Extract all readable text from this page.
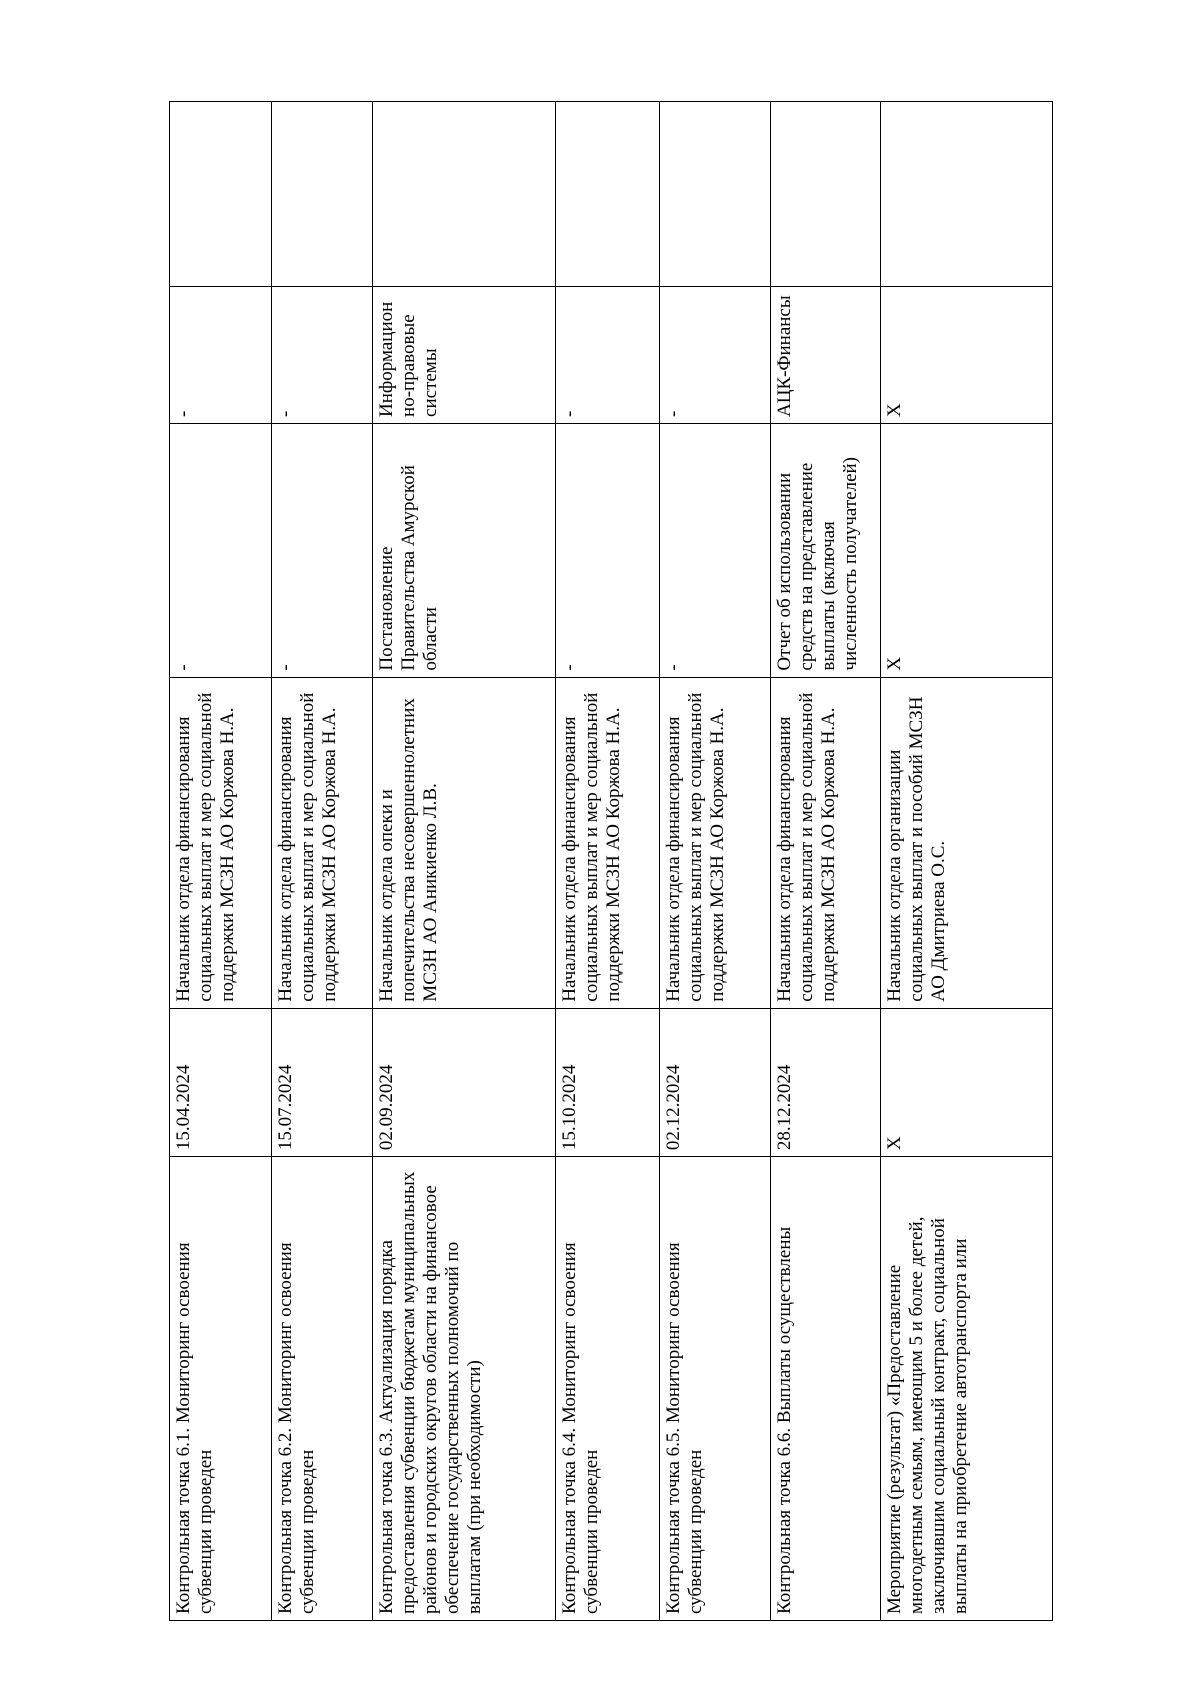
Контрольная точка 6.1. Мониторинг освоения субвенции проведен	15.04.2024	Начальник отдела финансирования социальных выплат и мер социальной поддержки МСЗН АО Коржова Н.А.	-	-	
Контрольная точка 6.2. Мониторинг освоения субвенции проведен	15.07.2024	Начальник отдела финансирования социальных выплат и мер социальной поддержки МСЗН АО Коржова Н.А.	-	-	
Контрольная точка 6.3. Актуализация порядка предоставления субвенции бюджетам муниципальных районов и городских округов области на финансовое обеспечение государственных полномочий по выплатам (при необходимости)	02.09.2024	Начальник отдела опеки и попечительства несовершеннолетних МСЗН АО Аникиенко Л.В.	Постановление Правительства Амурской области	Информационно-правовые системы	
Контрольная точка 6.4. Мониторинг освоения субвенции проведен	15.10.2024	Начальник отдела финансирования социальных выплат и мер социальной поддержки МСЗН АО Коржова Н.А.	-	-	
Контрольная точка 6.5. Мониторинг освоения субвенции проведен	02.12.2024	Начальник отдела финансирования социальных выплат и мер социальной поддержки МСЗН АО Коржова Н.А.	-	-	
Контрольная точка 6.6. Выплаты осуществлены	28.12.2024	Начальник отдела финансирования социальных выплат и мер социальной поддержки МСЗН АО Коржова Н.А.	Отчет об использовании средств на представление выплаты (включая численность получателей)	АЦК-Финансы	
Мероприятие (результат) «Предоставление многодетным семьям, имеющим 5 и более детей, заключившим социальный контракт, социальной выплаты на приобретение автотранспорта или	X	Начальник отдела организации социальных выплат и пособий МСЗН АО Дмитриева О.С.	X	X	
